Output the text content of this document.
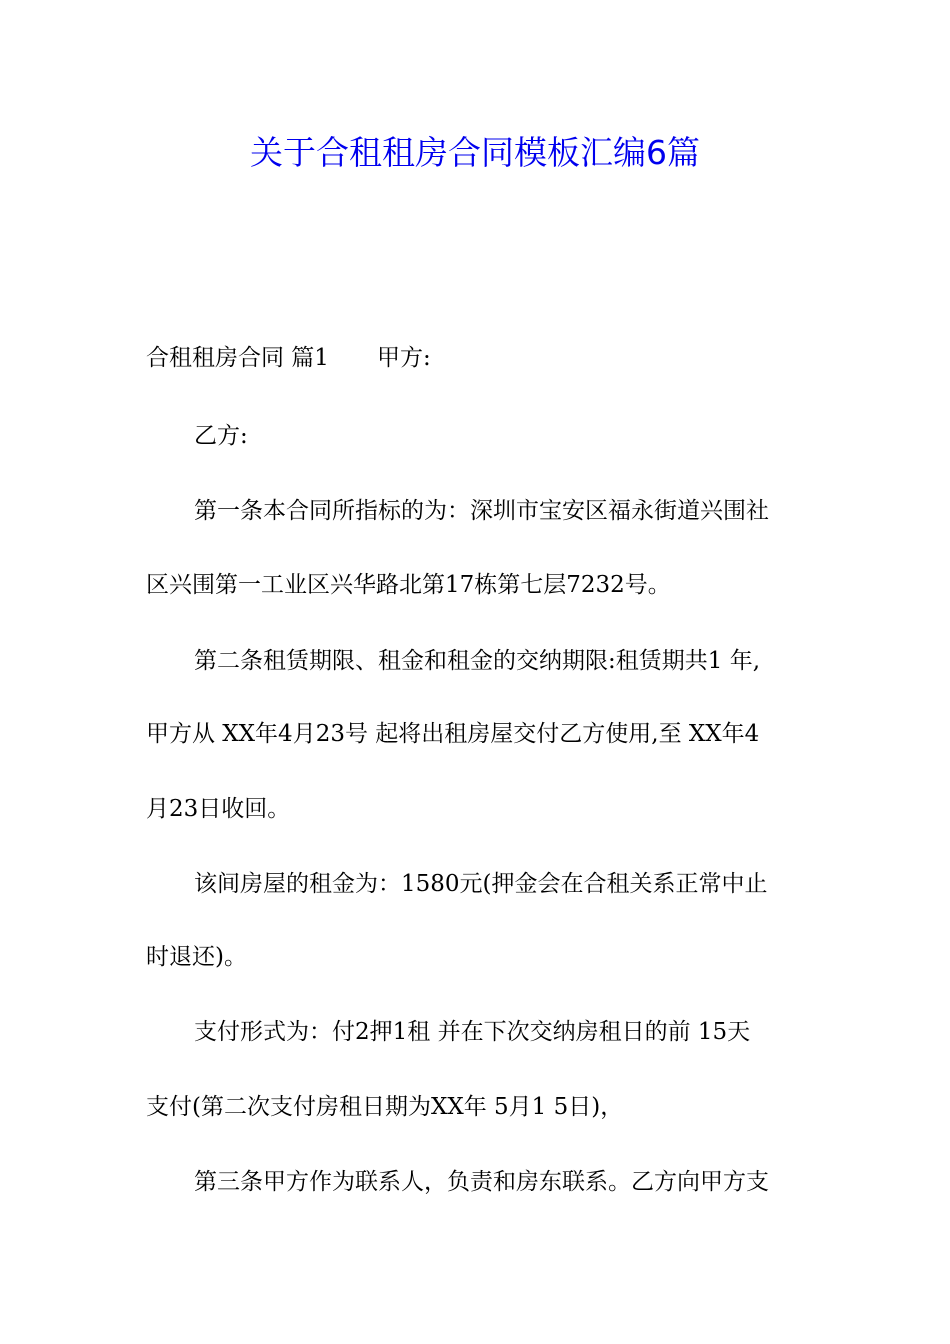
关于合租租房合同模板汇编6篇

合租租房合同 篇1 甲方:

乙方:

第一条本合同所指标的为：深圳市宝安区福永街道兴围社

区兴围第一工业区兴华路北第17栋第七层7232号。

第二条租赁期限、租金和租金的交纳期限:租赁期共1 年,

甲方从 XX年4月23号 起将出租房屋交付乙方使用,至 XX年4

月23日收回。

该间房屋的租金为：1580元(押金会在合租关系正常中止

时退还)。

支付形式为：付2押1租 并在下次交纳房租日的前 15天

支付(第二次支付房租日期为XX年 5月1 5日)，

第三条甲方作为联系人，负责和房东联系。乙方向甲方支
